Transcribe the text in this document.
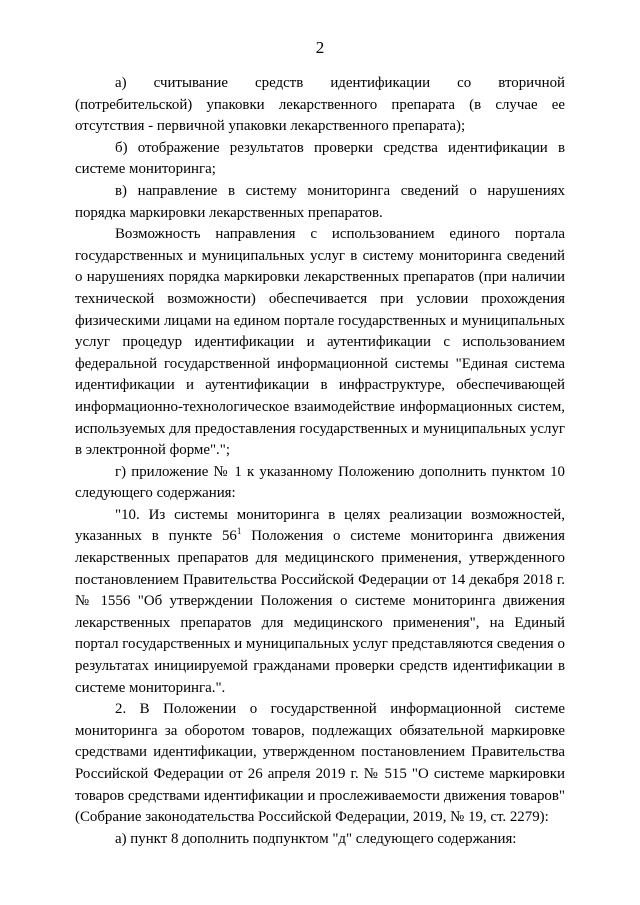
2

а) считывание средств идентификации со вторичной (потребительской) упаковки лекарственного препарата (в случае ее отсутствия - первичной упаковки лекарственного препарата);

б) отображение результатов проверки средства идентификации в системе мониторинга;

в) направление в систему мониторинга сведений о нарушениях порядка маркировки лекарственных препаратов.

Возможность направления с использованием единого портала государственных и муниципальных услуг в систему мониторинга сведений о нарушениях порядка маркировки лекарственных препаратов (при наличии технической возможности) обеспечивается при условии прохождения физическими лицами на едином портале государственных и муниципальных услуг процедур идентификации и аутентификации с использованием федеральной государственной информационной системы "Единая система идентификации и аутентификации в инфраструктуре, обеспечивающей информационно-технологическое взаимодействие информационных систем, используемых для предоставления государственных и муниципальных услуг в электронной форме".";

г) приложение № 1 к указанному Положению дополнить пунктом 10 следующего содержания:

"10. Из системы мониторинга в целях реализации возможностей, указанных в пункте $56^1$ Положения о системе мониторинга движения лекарственных препаратов для медицинского применения, утвержденного постановлением Правительства Российской Федерации от 14 декабря 2018 г. № 1556 "Об утверждении Положения о системе мониторинга движения лекарственных препаратов для медицинского применения", на Единый портал государственных и муниципальных услуг представляются сведения о результатах инициируемой гражданами проверки средств идентификации в системе мониторинга.".

2. В Положении о государственной информационной системе мониторинга за оборотом товаров, подлежащих обязательной маркировке средствами идентификации, утвержденном постановлением Правительства Российской Федерации от 26 апреля 2019 г. № 515 "О системе маркировки товаров средствами идентификации и прослеживаемости движения товаров" (Собрание законодательства Российской Федерации, 2019, № 19, ст. 2279):

а) пункт 8 дополнить подпунктом "д" следующего содержания:
